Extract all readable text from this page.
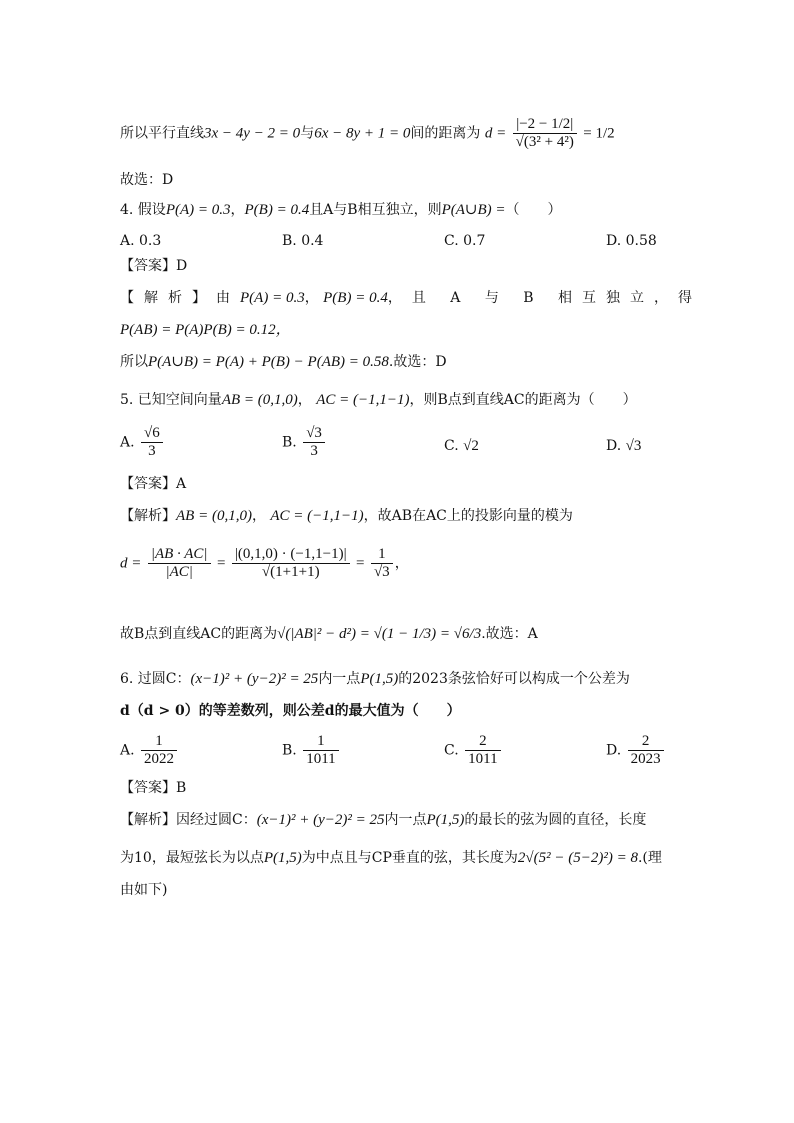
所以平行直线3x − 4y − 2 = 0与6x − 8y + 1 = 0间的距离为 $d = \frac{|-2 - 1/2|}{\text{√(3² + 4²)}} = 1/2$
故选：D
4. 假设P(A) = 0.3，P(B) = 0.4且A与B相互独立，则P(A∪B) =（　　）
A. 0.3	B. 0.4	C. 0.7	D. 0.58
【答案】D
【解析】由P(A) = 0.3， P(B) = 0.4，且 A 与 B 相互独立，得
P(AB) = P(A)P(B) = 0.12，
所以P(A∪B) = P(A) + P(B) − P(AB) = 0.58.故选：D
5. 已知空间向量AB = (0,1,0)， AC = (−1,1−1)，则B点到直线AC的距离为（　　）
A. $\frac{√6}{3}$	B. $\frac{√3}{3}$	C. √2	D. √3
【答案】A
【解析】AB = (0,1,0)， AC = (−1,1−1)，故AB在AC上的投影向量的模为
$d = \frac{|AB \cdot AC|}{|AC|} = \frac{|(0,1,0) \cdot (-1,1-1)|}{√(1+1+1)} = \frac{1}{√3}$ ，
故B点到直线AC的距离为√(|AB|² − d²) = √(1 − 1/3) = √6/3.故选：A
6. 过圆C：(x−1)² + (y−2)² = 25内一点P(1,5)的2023条弦恰好可以构成一个公差为
d（d > 0）的等差数列，则公差d的最大值为（　　）
A. $\frac{1}{2022}$	B. $\frac{1}{1011}$	C. $\frac{2}{1011}$	D. $\frac{2}{2023}$
【答案】B
【解析】因经过圆C：(x−1)² + (y−2)² = 25内一点P(1,5)的最长的弦为圆的直径，长度
为10，最短弦长为以点P(1,5)为中点且与CP垂直的弦，其长度为2√(5² − (5−2)²) = 8.(理
由如下)
